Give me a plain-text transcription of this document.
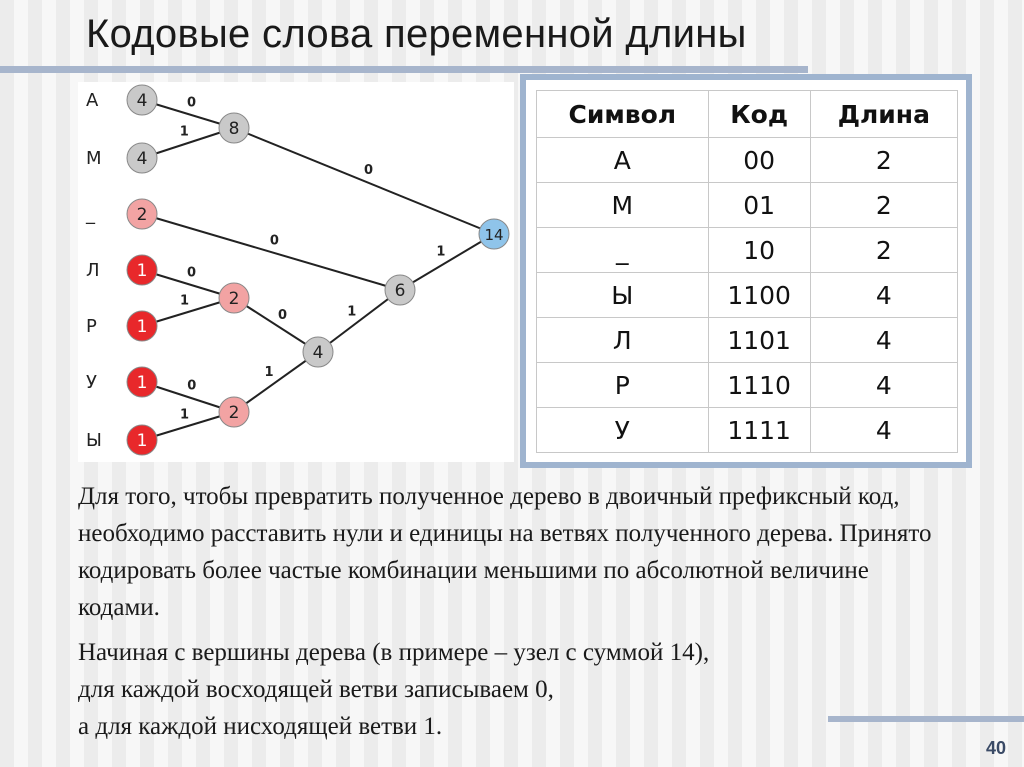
Кодовые слова переменной длины
0
1
0
1
0
1
0
1
0
1
0
1
А 4
М 4
_ 2
Л 1
Р 1
У 1
Ы 1
8
2
2
4
6
14
Символ	Код	Длина
А	00	2
М	01	2
_	10	2
Ы	1100	4
Л	1101	4
Р	1110	4
У	1111	4

Для того, чтобы превратить полученное дерево в двоичный префиксный код, необходимо расставить нули и единицы на ветвях полученного дерева. Принято кодировать более частые комбинации меньшими по абсолютной величине кодами.

Начиная с вершины дерева (в примере – узел с суммой 14),
для каждой восходящей ветви записываем 0,
а для каждой нисходящей ветви 1.

40
